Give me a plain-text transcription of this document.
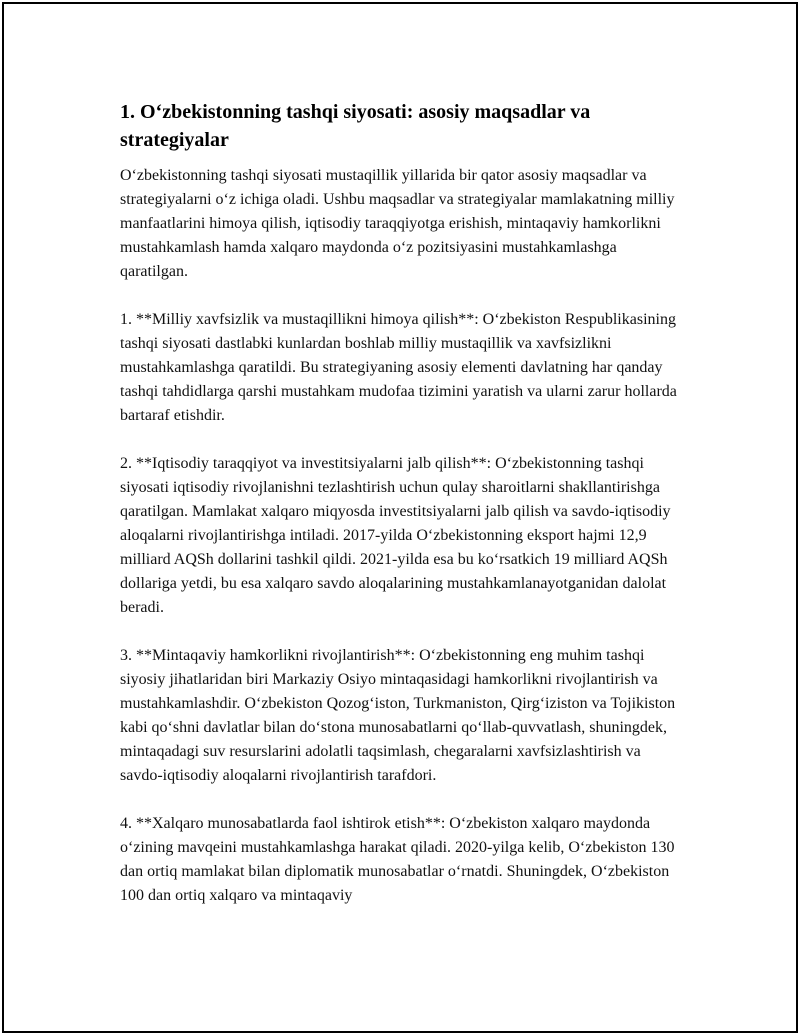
1. O‘zbekistonning tashqi siyosati: asosiy maqsadlar va strategiyalar

O‘zbekistonning tashqi siyosati mustaqillik yillarida bir qator asosiy maqsadlar va strategiyalarni o‘z ichiga oladi. Ushbu maqsadlar va strategiyalar mamlakatning milliy manfaatlarini himoya qilish, iqtisodiy taraqqiyotga erishish, mintaqaviy hamkorlikni mustahkamlash hamda xalqaro maydonda o‘z pozitsiyasini mustahkamlashga qaratilgan.

1. **Milliy xavfsizlik va mustaqillikni himoya qilish**: O‘zbekiston Respublikasining tashqi siyosati dastlabki kunlardan boshlab milliy mustaqillik va xavfsizlikni mustahkamlashga qaratildi. Bu strategiyaning asosiy elementi davlatning har qanday tashqi tahdidlarga qarshi mustahkam mudofaa tizimini yaratish va ularni zarur hollarda bartaraf etishdir.

2. **Iqtisodiy taraqqiyot va investitsiyalarni jalb qilish**: O‘zbekistonning tashqi siyosati iqtisodiy rivojlanishni tezlashtirish uchun qulay sharoitlarni shakllantirishga qaratilgan. Mamlakat xalqaro miqyosda investitsiyalarni jalb qilish va savdo-iqtisodiy aloqalarni rivojlantirishga intiladi. 2017-yilda O‘zbekistonning eksport hajmi 12,9 milliard AQSh dollarini tashkil qildi. 2021-yilda esa bu ko‘rsatkich 19 milliard AQSh dollariga yetdi, bu esa xalqaro savdo aloqalarining mustahkamlanayotganidan dalolat beradi.

3. **Mintaqaviy hamkorlikni rivojlantirish**: O‘zbekistonning eng muhim tashqi siyosiy jihatlaridan biri Markaziy Osiyo mintaqasidagi hamkorlikni rivojlantirish va mustahkamlashdir. O‘zbekiston Qozog‘iston, Turkmaniston, Qirg‘iziston va Tojikiston kabi qo‘shni davlatlar bilan do‘stona munosabatlarni qo‘llab-quvvatlash, shuningdek, mintaqadagi suv resurslarini adolatli taqsimlash, chegaralarni xavfsizlashtirish va savdo-iqtisodiy aloqalarni rivojlantirish tarafdori.

4. **Xalqaro munosabatlarda faol ishtirok etish**: O‘zbekiston xalqaro maydonda o‘zining mavqeini mustahkamlashga harakat qiladi. 2020-yilga kelib, O‘zbekiston 130 dan ortiq mamlakat bilan diplomatik munosabatlar o‘rnatdi. Shuningdek, O‘zbekiston 100 dan ortiq xalqaro va mintaqaviy
